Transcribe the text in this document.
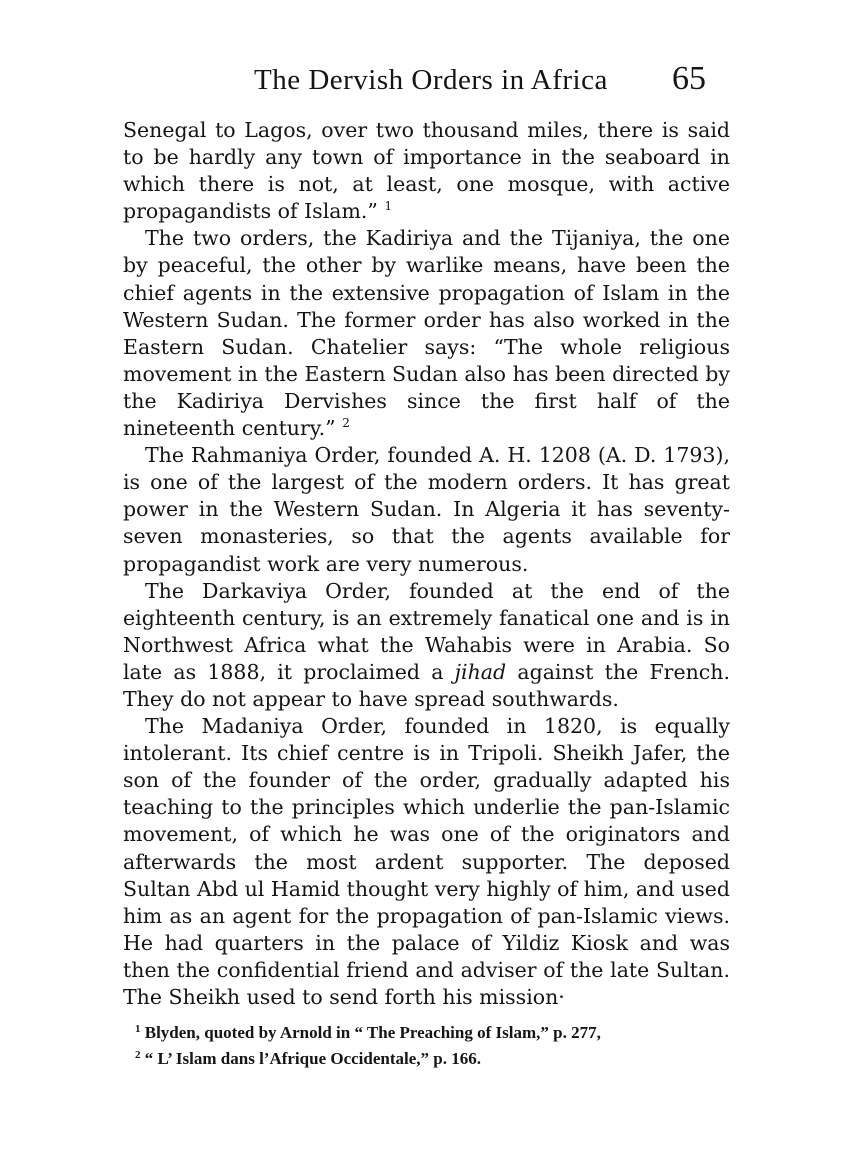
The Dervish Orders in Africa 65

Senegal to Lagos, over two thousand miles, there is said to be hardly any town of importance in the seaboard in which there is not, at least, one mosque, with active propagandists of Islam.” $^1$

The two orders, the Kadiriya and the Tijaniya, the one by peaceful, the other by warlike means, have been the chief agents in the extensive propagation of Islam in the Western Sudan. The former order has also worked in the Eastern Sudan. Chatelier says: “The whole religious movement in the Eastern Sudan also has been directed by the Kadiriya Dervishes since the first half of the nineteenth century.” $^2$

The Rahmaniya Order, founded A. H. 1208 (A. D. 1793), is one of the largest of the modern orders. It has great power in the Western Sudan. In Algeria it has seventy-seven monasteries, so that the agents available for propagandist work are very numerous.

The Darkaviya Order, founded at the end of the eighteenth century, is an extremely fanatical one and is in Northwest Africa what the Wahabis were in Arabia. So late as 1888, it proclaimed a jihad against the French. They do not appear to have spread southwards.

The Madaniya Order, founded in 1820, is equally intolerant. Its chief centre is in Tripoli. Sheikh Jafer, the son of the founder of the order, gradually adapted his teaching to the principles which underlie the pan-Islamic movement, of which he was one of the originators and afterwards the most ardent supporter. The deposed Sultan Abd ul Hamid thought very highly of him, and used him as an agent for the propagation of pan-Islamic views. He had quarters in the palace of Yildiz Kiosk and was then the confidential friend and adviser of the late Sultan. The Sheikh used to send forth his mission·

$^1$ Blyden, quoted by Arnold in “ The Preaching of Islam,” p. 277,

$^2$ “ L’ Islam dans l’Afrique Occidentale,” p. 166.
